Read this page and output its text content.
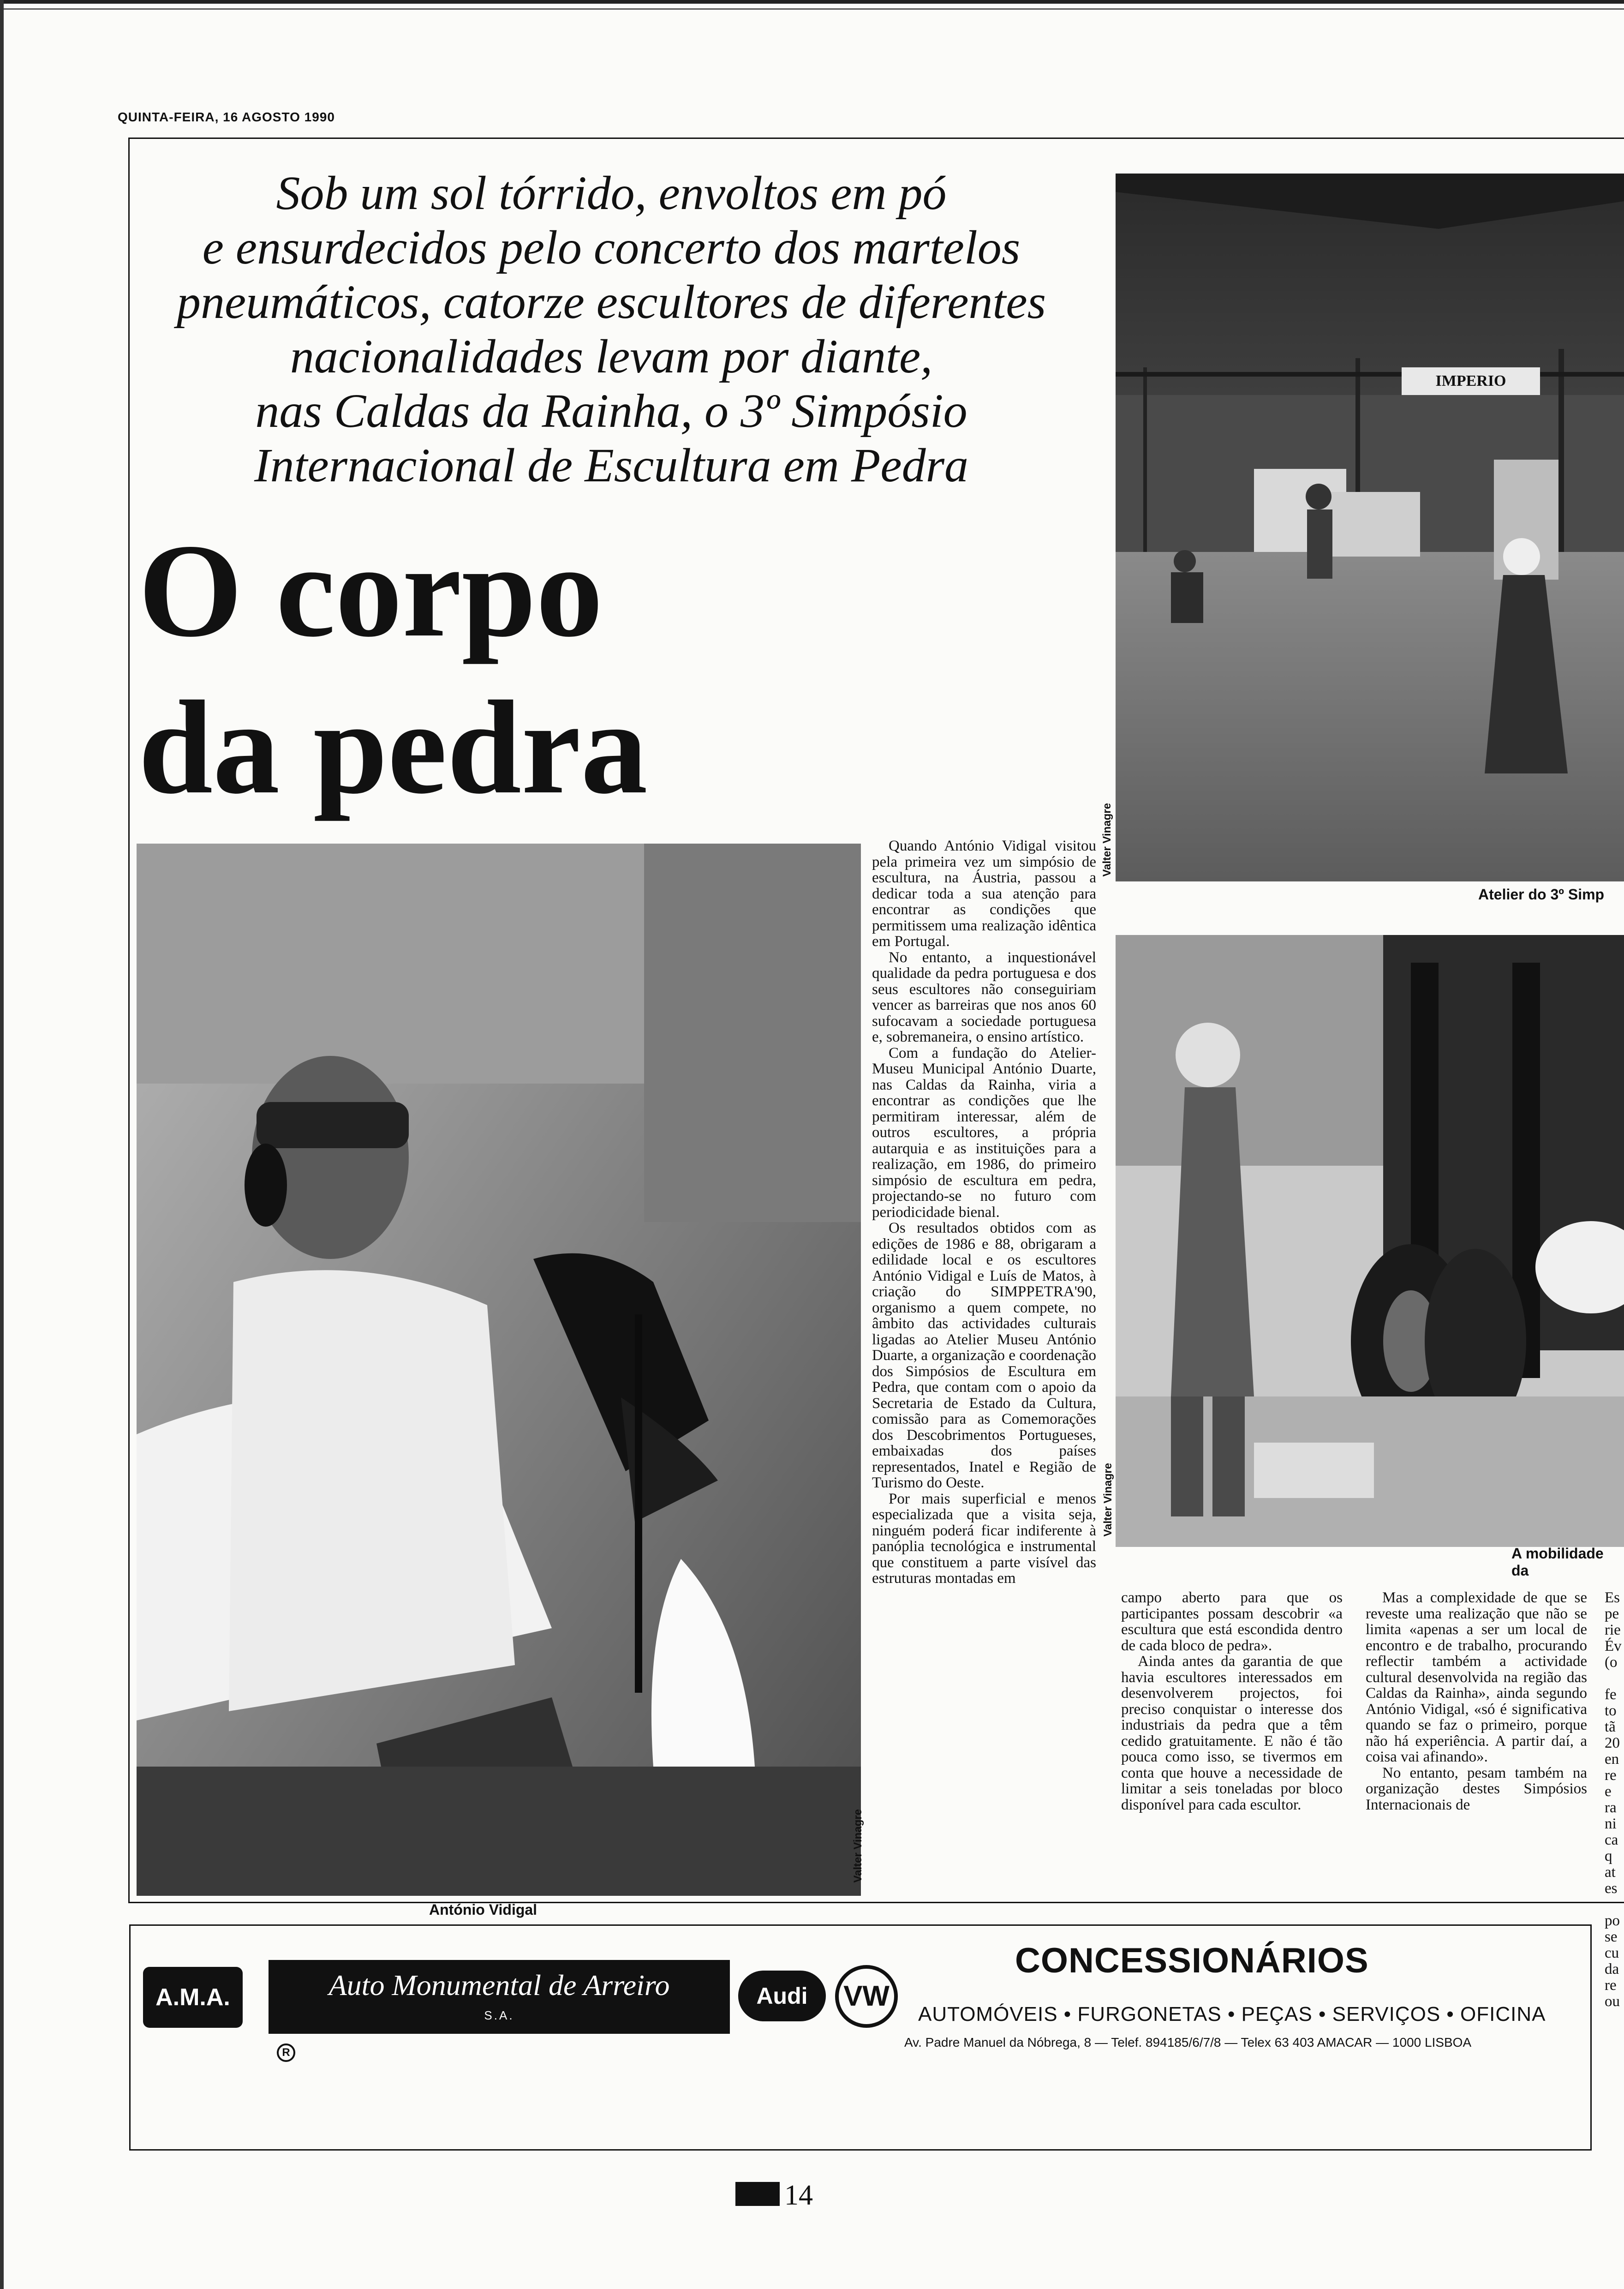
QUINTA-FEIRA, 16 AGOSTO 1990
Sob um sol tórrido, envoltos em pó
e ensurdecidos pelo concerto dos martelos
pneumáticos, catorze escultores de diferentes
nacionalidades levam por diante,
nas Caldas da Rainha, o 3º Simpósio
Internacional de Escultura em Pedra
O corpo
da pedra
IMPERIO
Valter Vinagre
Atelier do 3º Simp
Valter Vinagre
A mobilidade da
Valter Vinagre
António Vidigal

Quando António Vidigal visitou pela primeira vez um simpósio de escultura, na Áustria, passou a dedicar toda a sua atenção para encontrar as condições que permitissem uma realização idêntica em Portugal.

No entanto, a inquestionável qualidade da pedra portuguesa e dos seus escultores não conseguiriam vencer as barreiras que nos anos 60 sufocavam a sociedade portuguesa e, sobremaneira, o ensino artístico.

Com a fundação do Atelier-Museu Municipal António Duarte, nas Caldas da Rainha, viria a encontrar as condições que lhe permitiram interessar, além de outros escultores, a própria autarquia e as instituições para a realização, em 1986, do primeiro simpósio de escultura em pedra, projectando-se no futuro com periodicidade bienal.

Os resultados obtidos com as edições de 1986 e 88, obrigaram a edilidade local e os escultores António Vidigal e Luís de Matos, à criação do SIMPPETRA'90, organismo a quem compete, no âmbito das actividades culturais ligadas ao Atelier Museu António Duarte, a organização e coordenação dos Simpósios de Escultura em Pedra, que contam com o apoio da Secretaria de Estado da Cultura, comissão para as Comemorações dos Descobrimentos Portugueses, embaixadas dos países representados, Inatel e Região de Turismo do Oeste.

Por mais superficial e menos especializada que a visita seja, ninguém poderá ficar indiferente à panóplia tecnológica e instrumental que constituem a parte visível das estruturas montadas em

campo aberto para que os participantes possam descobrir «a escultura que está escondida dentro de cada bloco de pedra».

Ainda antes da garantia de que havia escultores interessados em desenvolverem projectos, foi preciso conquistar o interesse dos industriais da pedra que a têm cedido gratuitamente. E não é tão pouca como isso, se tivermos em conta que houve a necessidade de limitar a seis toneladas por bloco disponível para cada escultor.

Mas a complexidade de que se reveste uma realização que não se limita «apenas a ser um local de encontro e de trabalho, procurando reflectir também a actividade cultural desenvolvida na região das Caldas da Rainha», ainda segundo António Vidigal, «só é significativa quando se faz o primeiro, porque não há experiência. A partir daí, a coisa vai afinando».

No entanto, pesam também na organização destes Simpósios Internacionais de

Es
pe
rie
Év
(o
fe
to
tã
20
en
re
e
ra
ni
ca
q
at
es
po
se
cu
da
re
ou
A.M.A.	Auto Monumental de Arreiro
S.A.
R
Audi	VW
CONCESSIONÁRIOS
AUTOMÓVEIS • FURGONETAS • PEÇAS • SERVIÇOS • OFICINA
Av. Padre Manuel da Nóbrega, 8 — Telef. 894185/6/7/8 — Telex 63 403 AMACAR — 1000 LISBOA
14
